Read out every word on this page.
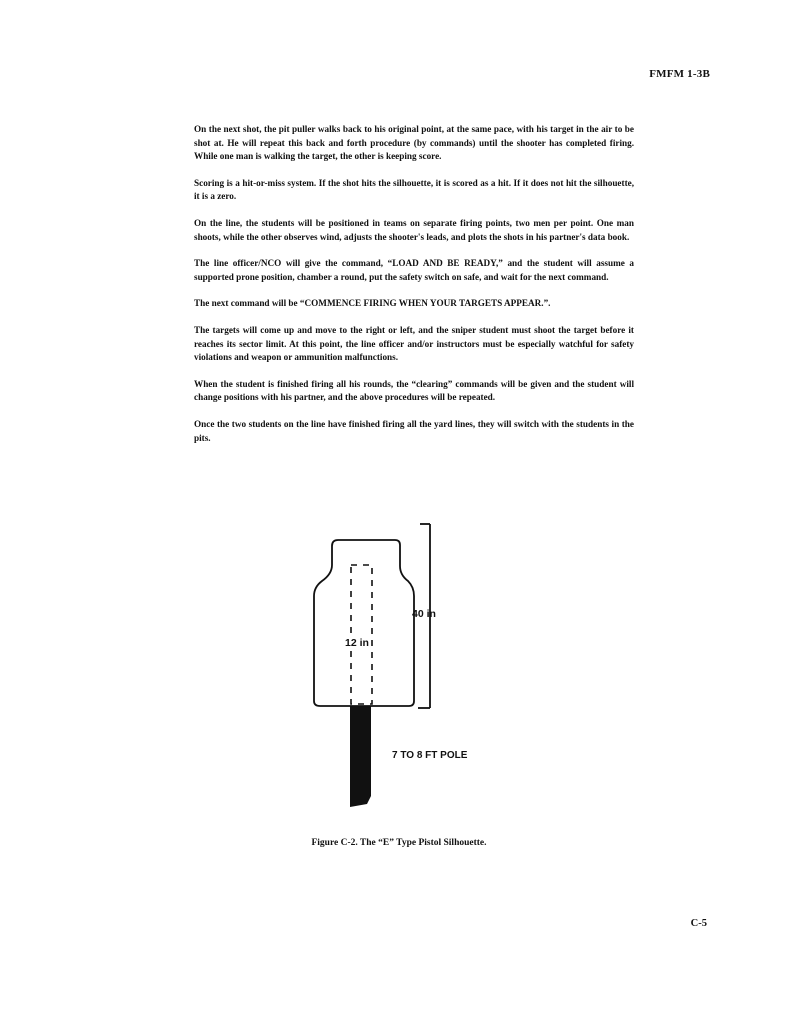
FMFM 1-3B

On the next shot, the pit puller walks back to his original point, at the same pace, with his target in the air to be shot at. He will repeat this back and forth procedure (by commands) until the shooter has completed firing. While one man is walking the target, the other is keeping score.

Scoring is a hit-or-miss system. If the shot hits the silhouette, it is scored as a hit. If it does not hit the silhouette, it is a zero.

On the line, the students will be positioned in teams on separate firing points, two men per point. One man shoots, while the other observes wind, adjusts the shooter's leads, and plots the shots in his partner's data book.

The line officer/NCO will give the command, “LOAD AND BE READY,” and the student will assume a supported prone position, chamber a round, put the safety switch on safe, and wait for the next command.

The next command will be “COMMENCE FIRING WHEN YOUR TARGETS APPEAR.”.

The targets will come up and move to the right or left, and the sniper student must shoot the target before it reaches its sector limit. At this point, the line officer and/or instructors must be especially watchful for safety violations and weapon or ammunition malfunctions.

When the student is finished firing all his rounds, the “clearing” commands will be given and the student will change positions with his partner, and the above procedures will be repeated.

Once the two students on the line have finished firing all the yard lines, they will switch with the students in the pits.

40 in
12 in
7 TO 8 FT POLE
Figure C-2. The “E” Type Pistol Silhouette.
C-5
